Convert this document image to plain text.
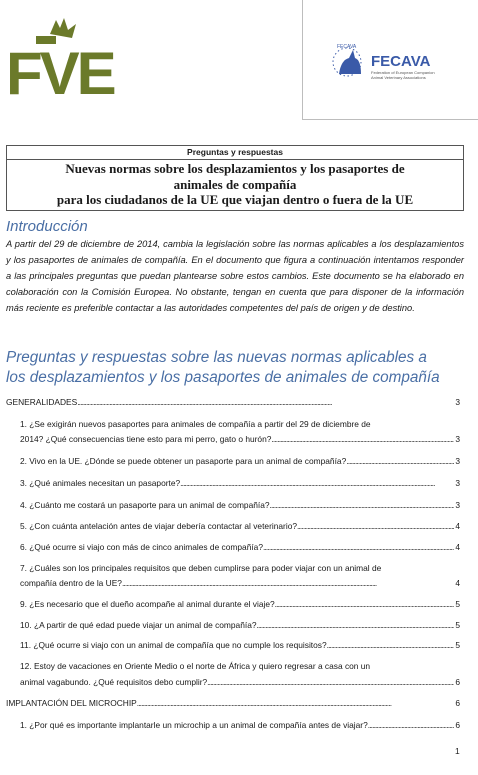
FVE	FECAVA
FECAVA
Federation of European Companion
Animal Veterinary Associations
Preguntas y respuestas
Nuevas normas sobre los desplazamientos y los pasaportes de
animales de compañía
para los ciudadanos de la UE que viajan dentro o fuera de la UE
Introducción
A partir del 29 de diciembre de 2014, cambia la legislación sobre las normas aplicables a los desplazamientos y los pasaportes de animales de compañía. En el documento que figura a continuación intentamos responder a las principales preguntas que puedan plantearse sobre estos cambios. Este documento se ha elaborado en colaboración con la Comisión Europea. No obstante, tengan en cuenta que para disponer de la información más reciente es preferible contactar a las autoridades competentes del país de origen y de destino.
Preguntas y respuestas sobre las nuevas normas aplicables a
los desplazamientos y los pasaportes de animales de compañía
GENERALIDADES . . .	3
1. ¿Se exigirán nuevos pasaportes para animales de compañía a partir del 29 de diciembre de
2014? ¿Qué consecuencias tiene esto para mi perro, gato o hurón? . . .	3
2. Vivo en la UE. ¿Dónde se puede obtener un pasaporte para un animal de compañía? . . .	3
3. ¿Qué animales necesitan un pasaporte? . . .	3
4. ¿Cuánto me costará un pasaporte para un animal de compañía? . . .	3
5. ¿Con cuánta antelación antes de viajar debería contactar al veterinario? . . .	4
6. ¿Qué ocurre si viajo con más de cinco animales de compañía? . . .	4
7. ¿Cuáles son los principales requisitos que deben cumplirse para poder viajar con un animal de
compañía dentro de la UE? . . .	4
9. ¿Es necesario que el dueño acompañe al animal durante el viaje? . . .	5
10. ¿A partir de qué edad puede viajar un animal de compañía? . . .	5
11. ¿Qué ocurre si viajo con un animal de compañía que no cumple los requisitos? . . .	5
12. Estoy de vacaciones en Oriente Medio o el norte de África y quiero regresar a casa con un
animal vagabundo. ¿Qué requisitos debo cumplir? . . .	6
IMPLANTACIÓN DEL MICROCHIP . . .	6
1. ¿Por qué es importante implantarle un microchip a un animal de compañía antes de viajar? . . .	6
1
